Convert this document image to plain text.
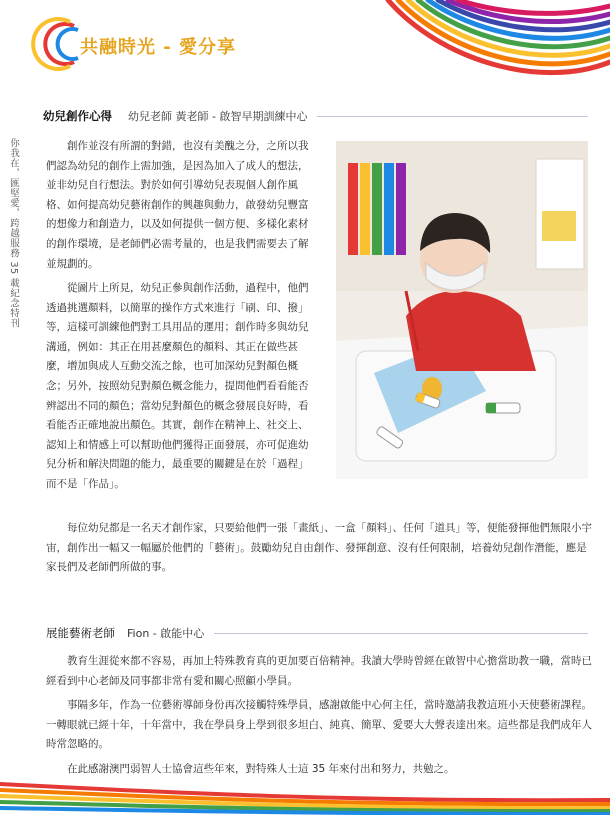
共融時光 - 愛分享
你我在，匯堅愛，跨越服務 35 載紀念特刊
幼兒創作心得 幼兒老師 黃老師 - 啟智早期訓練中心

　　創作並沒有所謂的對錯，也沒有美醜之分，之所以我們認為幼兒的創作上需加強，是因為加入了成人的想法，並非幼兒自行想法。對於如何引導幼兒表現個人創作風格、如何提高幼兒藝術創作的興趣與動力，啟發幼兒豐富的想像力和創造力，以及如何提供一個方便、多樣化素材的創作環境，是老師們必需考量的，也是我們需要去了解並規劃的。

　　從圖片上所見，幼兒正參與創作活動，過程中，他們透過挑選顏料，以簡單的操作方式來進行「刷、印、撥」等，這樣可訓練他們對工具用品的運用；創作時多與幼兒溝通，例如：其正在用甚麼顏色的顏料、其正在做些甚麼，增加與成人互動交流之餘，也可加深幼兒對顏色概念；另外，按照幼兒對顏色概念能力，提問他們看看能否辨認出不同的顏色；當幼兒對顏色的概念發展良好時，看看能否正確地說出顏色。其實，創作在精神上、社交上、認知上和情感上可以幫助他們獲得正面發展，亦可促進幼兒分析和解決問題的能力，最重要的關鍵是在於「過程」而不是「作品」。

　　每位幼兒都是一名天才創作家，只要給他們一張「畫紙」、一盒「顏料」、任何「道具」等，便能發揮他們無限小宇宙，創作出一幅又一幅屬於他們的「藝術」。鼓勵幼兒自由創作、發揮創意、沒有任何限制，培養幼兒創作潛能，應是家長們及老師們所做的事。

展能藝術老師 Fion - 啟能中心

　　教育生涯從來都不容易，再加上特殊教育真的更加要百倍精神。我讀大學時曾經在啟智中心擔當助教一職，當時已經看到中心老師及同事都非常有愛和關心照顧小學員。

　　事隔多年，作為一位藝術導師身份再次接觸特殊學員，感謝啟能中心何主任，當時邀請我教這班小天使藝術課程。一轉眼就已經十年，十年當中，我在學員身上學到很多坦白、純真、簡單、愛要大大聲表達出來。這些都是我們成年人時常忽略的。

　　在此感謝澳門弱智人士協會這些年來，對特殊人士這 35 年來付出和努力，共勉之。
